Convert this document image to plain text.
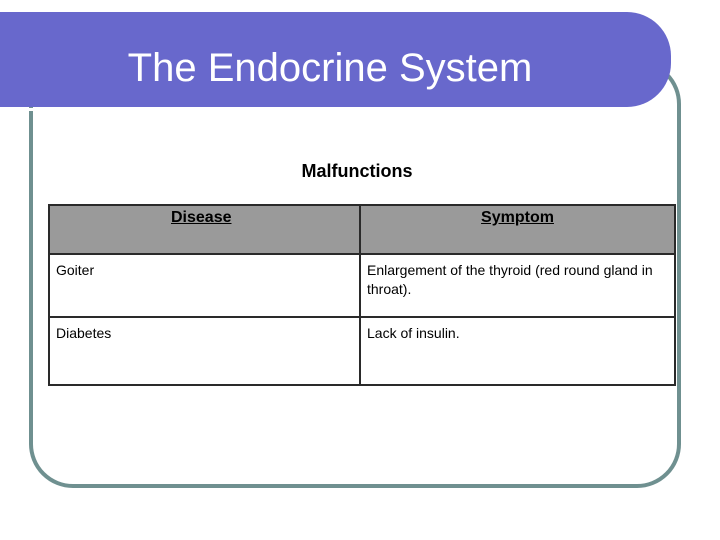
The Endocrine System
Malfunctions
Disease	Symptom
Goiter	Enlargement of the thyroid (red round gland in throat).
Diabetes	Lack of insulin.
